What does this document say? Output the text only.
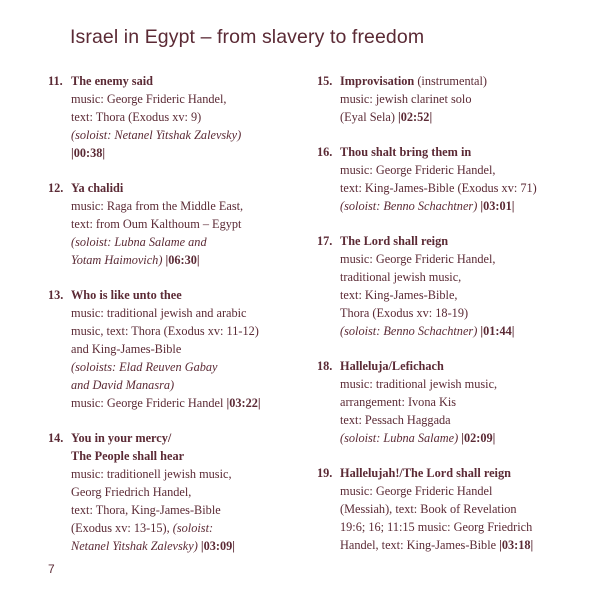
Israel in Egypt – from slavery to freedom
11. The enemy said
music: George Frideric Handel,
text: Thora (Exodus xv: 9)
(soloist: Netanel Yitshak Zalevsky)
|00:38|
12. Ya chalidi
music: Raga from the Middle East,
text: from Oum Kalthoum – Egypt
(soloist: Lubna Salame and
Yotam Haimovich) |06:30|
13. Who is like unto thee
music: traditional jewish and arabic
music, text: Thora (Exodus xv: 11-12)
and King-James-Bible
(soloists: Elad Reuven Gabay
and David Manasra)
music: George Frideric Handel |03:22|
14. You in your mercy/
The People shall hear
music: traditionell jewish music,
Georg Friedrich Handel,
text: Thora, King-James-Bible
(Exodus xv: 13-15), (soloist:
Netanel Yitshak Zalevsky) |03:09|
15. Improvisation (instrumental)
music: jewish clarinet solo
(Eyal Sela) |02:52|
16. Thou shalt bring them in
music: George Frideric Handel,
text: King-James-Bible (Exodus xv: 71)
(soloist: Benno Schachtner) |03:01|
17. The Lord shall reign
music: George Frideric Handel,
traditional jewish music,
text: King-James-Bible,
Thora (Exodus xv: 18-19)
(soloist: Benno Schachtner) |01:44|
18. Halleluja/Lefichach
music: traditional jewish music,
arrangement: Ivona Kis
text: Pessach Haggada
(soloist: Lubna Salame) |02:09|
19. Hallelujah!/The Lord shall reign
music: George Frideric Handel
(Messiah), text: Book of Revelation
19:6; 16; 11:15 music: Georg Friedrich
Handel, text: King-James-Bible |03:18|
7
